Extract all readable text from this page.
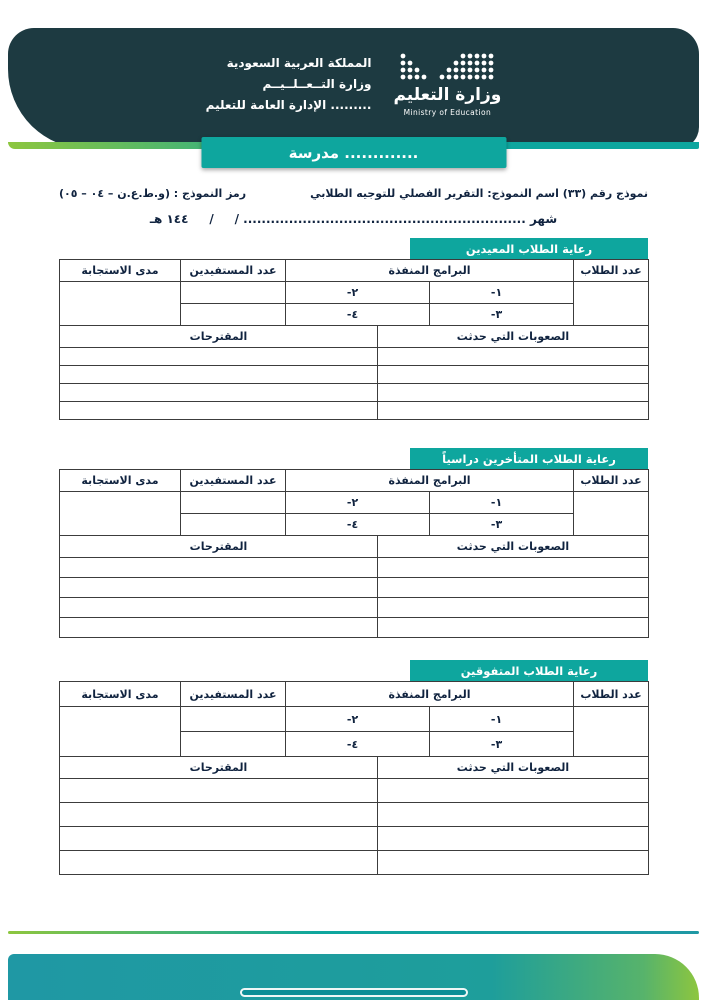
المملكة العربية السعودية
وزارة التــعــلــيــم
الإدارة العامة للتعليم .........
وزارة التعليم
Ministry of Education
مدرسة .............
نموذج رقم (٣٣) اسم النموذج: التقرير الفصلي للتوجيه الطلابي
رمز النموذج : (و.ط.ع.ن – ٠٤ – ٠٥)
شهر .............................................................. /     /     ١٤٤ هـ
رعاية الطلاب المعيدين
عدد الطلاب	البرامج المنفذة		عدد المستفيدين	مدى الاستجابة
	-١	-٢		
	-٣	-٤		
الصعوبات التي حدثت	المقترحات

رعاية الطلاب المتأخرين دراسياً
عدد الطلاب	البرامج المنفذة		عدد المستفيدين	مدى الاستجابة
	-١	-٢		
	-٣	-٤		
الصعوبات التي حدثت	المقترحات

رعاية الطلاب المتفوقين
عدد الطلاب	البرامج المنفذة		عدد المستفيدين	مدى الاستجابة
	-١	-٢		
	-٣	-٤		
الصعوبات التي حدثت	المقترحات
